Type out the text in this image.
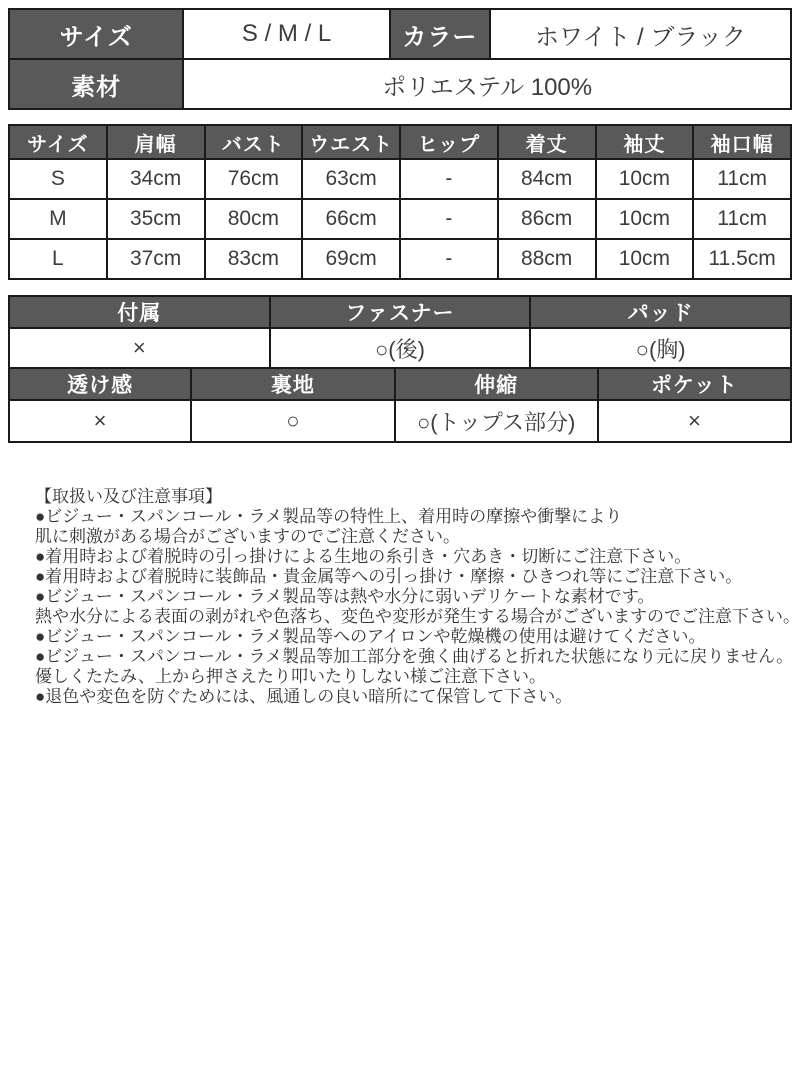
サイズ	S / M / L	カラー	ホワイト / ブラック
素材	ポリエステル 100%		
サイズ	肩幅	バスト	ウエスト	ヒップ	着丈	袖丈	袖口幅
S	34cm	76cm	63cm	-	84cm	10cm	11cm
M	35cm	80cm	66cm	-	86cm	10cm	11cm
L	37cm	83cm	69cm	-	88cm	10cm	11.5cm
付属	ファスナー	パッド
×	○(後)	○(胸)
透け感	裏地	伸縮	ポケット
×	○	○(トップス部分)	×
【取扱い及び注意事項】
●ビジュー・スパンコール・ラメ製品等の特性上、着用時の摩擦や衝撃により
肌に刺激がある場合がございますのでご注意ください。
●着用時および着脱時の引っ掛けによる生地の糸引き・穴あき・切断にご注意下さい。
●着用時および着脱時に装飾品・貴金属等への引っ掛け・摩擦・ひきつれ等にご注意下さい。
●ビジュー・スパンコール・ラメ製品等は熱や水分に弱いデリケートな素材です。
熱や水分による表面の剥がれや色落ち、変色や変形が発生する場合がございますのでご注意下さい。
●ビジュー・スパンコール・ラメ製品等へのアイロンや乾燥機の使用は避けてください。
●ビジュー・スパンコール・ラメ製品等加工部分を強く曲げると折れた状態になり元に戻りません。
優しくたたみ、上から押さえたり叩いたりしない様ご注意下さい。
●退色や変色を防ぐためには、風通しの良い暗所にて保管して下さい。
